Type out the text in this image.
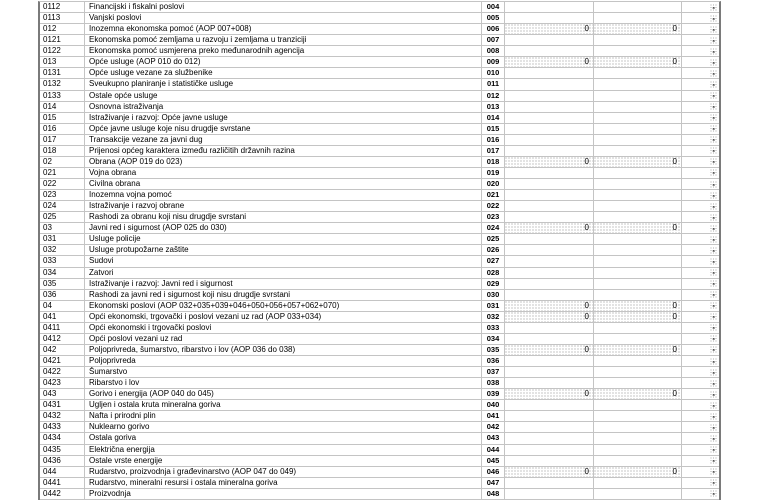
0112	Financijski i fiskalni poslovi	004	-
0113	Vanjski poslovi	005	-
012	Inozemna ekonomska pomoć (AOP 007+008)	006	0	0	-
0121	Ekonomska pomoć zemljama u razvoju i zemljama u tranziciji	007	-
0122	Ekonomska pomoć usmjerena preko međunarodnih agencija	008	-
013	Opće usluge (AOP 010 do 012)	009	0	0	-
0131	Opće usluge vezane za službenike	010	-
0132	Sveukupno planiranje i statističke usluge	011	-
0133	Ostale opće usluge	012	-
014	Osnovna istraživanja	013	-
015	Istraživanje i razvoj: Opće javne usluge	014	-
016	Opće javne usluge koje nisu drugdje svrstane	015	-
017	Transakcije vezane za javni dug	016	-
018	Prijenosi općeg karaktera između različitih državnih razina	017	-
02	Obrana (AOP 019 do 023)	018	0	0	-
021	Vojna obrana	019	-
022	Civilna obrana	020	-
023	Inozemna vojna pomoć	021	-
024	Istraživanje i razvoj obrane	022	-
025	Rashodi za obranu koji nisu drugdje svrstani	023	-
03	Javni red i sigurnost (AOP 025 do 030)	024	0	0	-
031	Usluge policije	025	-
032	Usluge protupožarne zaštite	026	-
033	Sudovi	027	-
034	Zatvori	028	-
035	Istraživanje i razvoj: Javni red i sigurnost	029	-
036	Rashodi za javni red i sigurnost koji nisu drugdje svrstani	030	-
04	Ekonomski poslovi (AOP 032+035+039+046+050+056+057+062+070)	031	0	0	-
041	Opći ekonomski, trgovački i poslovi vezani uz rad (AOP 033+034)	032	0	0	-
0411	Opći ekonomski i trgovački poslovi	033	-
0412	Opći poslovi vezani uz rad	034	-
042	Poljoprivreda, šumarstvo, ribarstvo i lov (AOP 036 do 038)	035	0	0	-
0421	Poljoprivreda	036	-
0422	Šumarstvo	037	-
0423	Ribarstvo i lov	038	-
043	Gorivo i energija (AOP 040 do 045)	039	0	0	-
0431	Ugljen i ostala kruta mineralna goriva	040	-
0432	Nafta i prirodni plin	041	-
0433	Nuklearno gorivo	042	-
0434	Ostala goriva	043	-
0435	Električna energija	044	-
0436	Ostale vrste energije	045	-
044	Rudarstvo, proizvodnja i građevinarstvo (AOP 047 do 049)	046	0	0	-
0441	Rudarstvo, mineralni resursi i ostala mineralna goriva	047	-
0442	Proizvodnja	048	-
